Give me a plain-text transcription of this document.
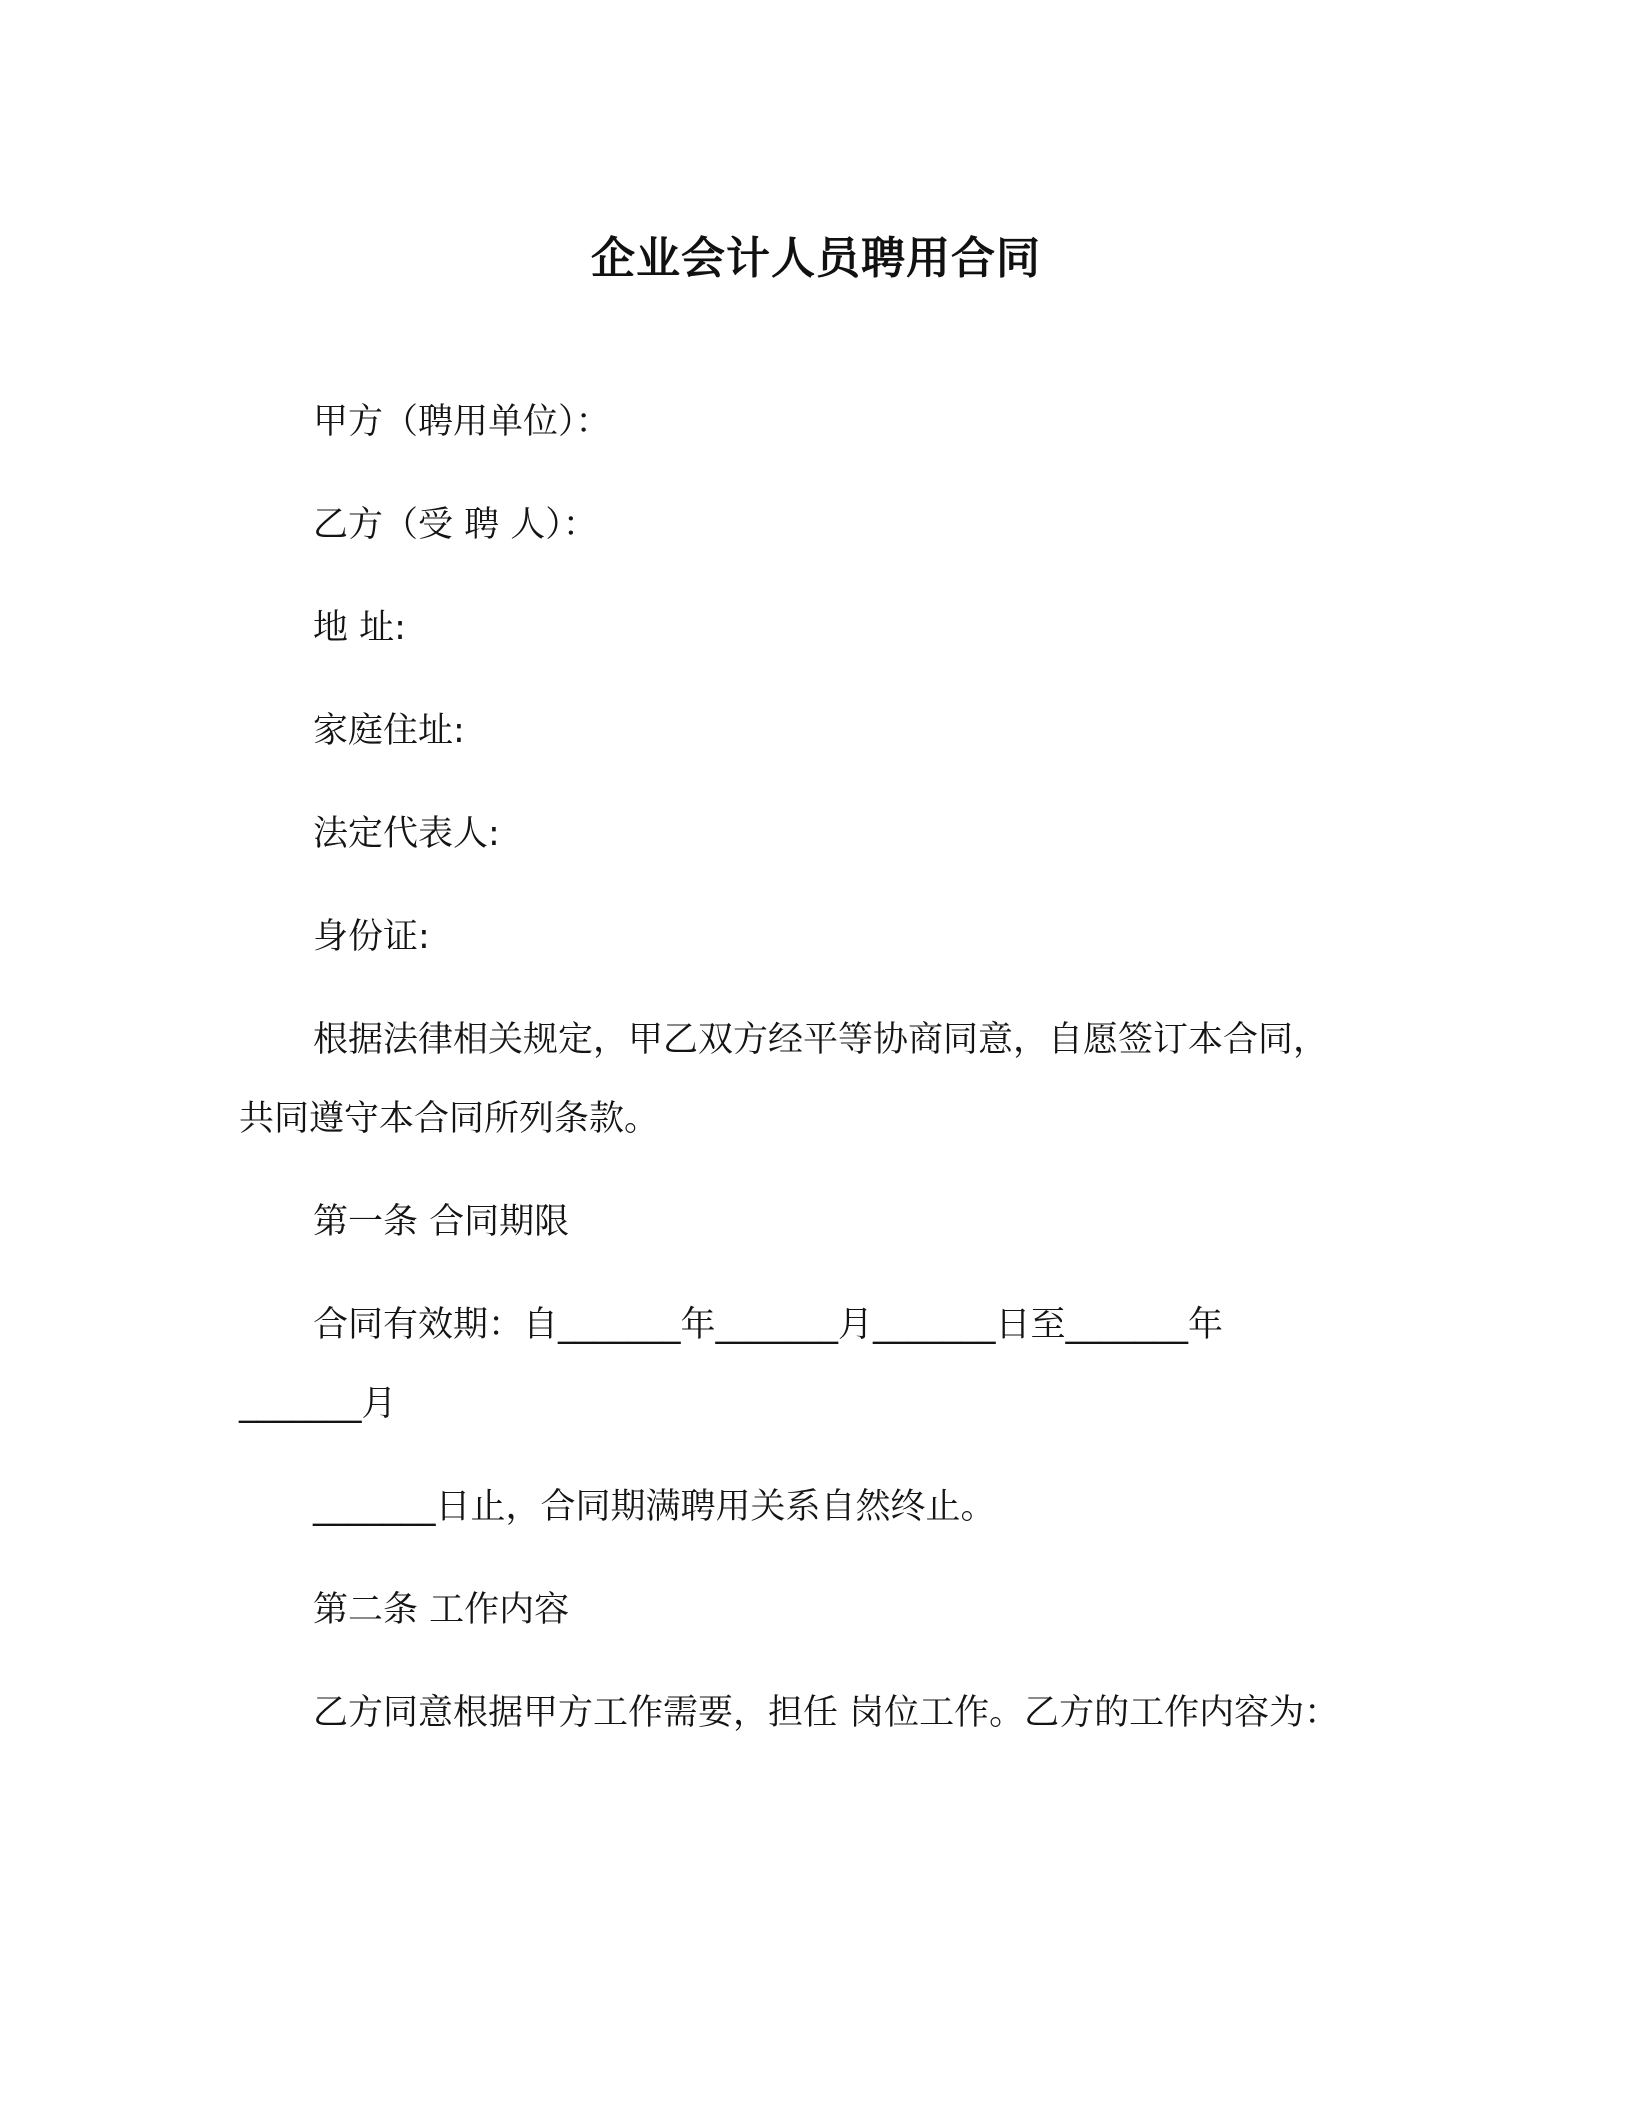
企业会计人员聘用合同
甲方（聘用单位）：
乙方（受 聘 人）：
地 址:
家庭住址:
法定代表人:
身份证:
根据法律相关规定，甲乙双方经平等协商同意，自愿签订本合同，
共同遵守本合同所列条款。
第一条 合同期限
合同有效期：自_______年_______月_______日至_______年
_______月
_______日止，合同期满聘用关系自然终止。
第二条 工作内容
乙方同意根据甲方工作需要，担任 岗位工作。乙方的工作内容为：
